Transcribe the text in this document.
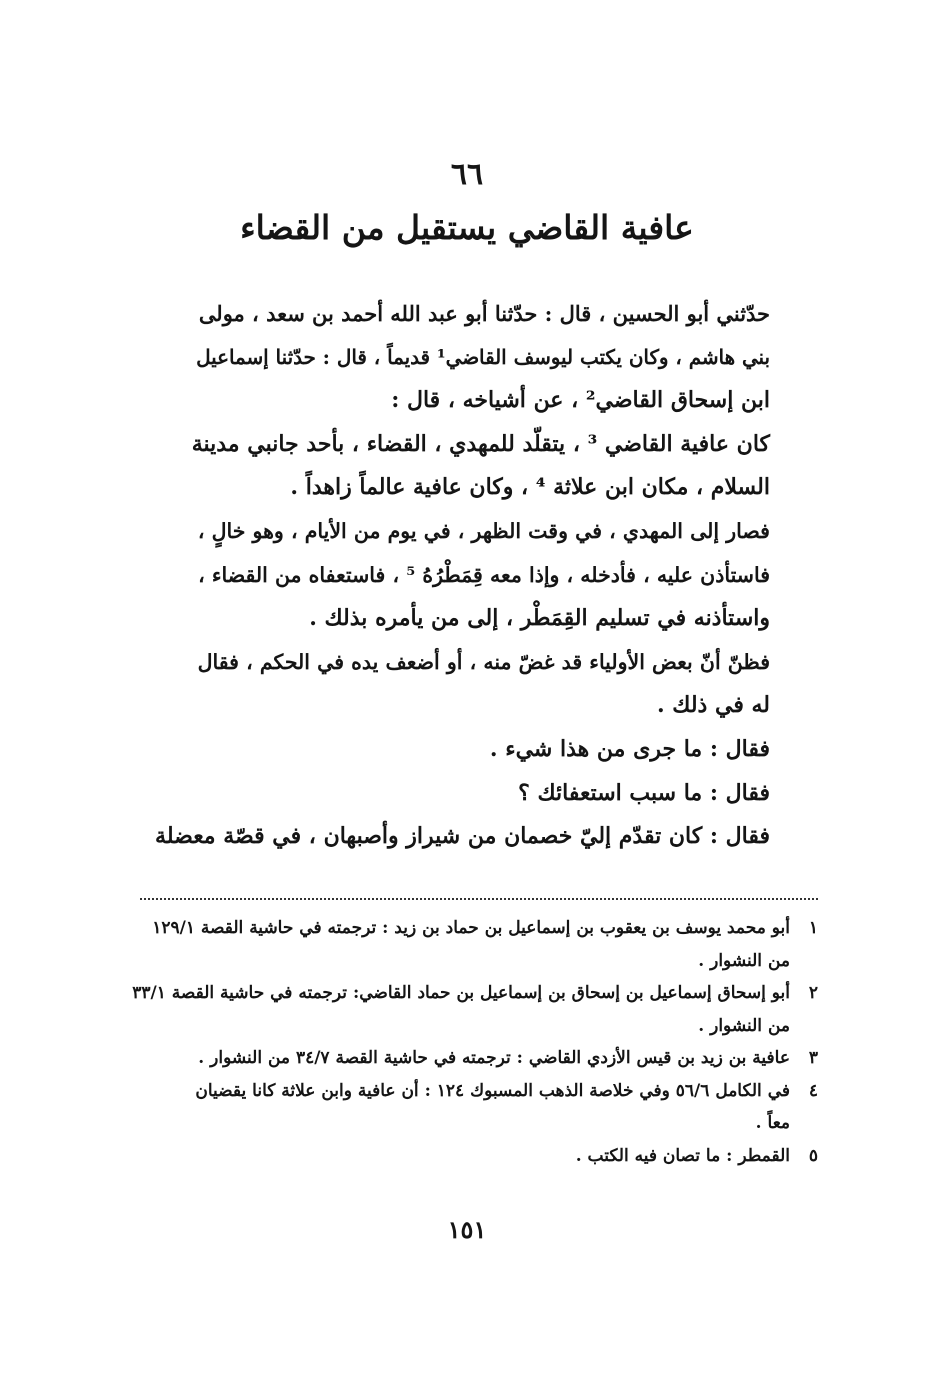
٦٦
عافية القاضي يستقيل من القضاء

حدّثني أبو الحسين ، قال : حدّثنا أبو عبد الله أحمد بن سعد ، مولى
بني هاشم ، وكان يكتب ليوسف القاضي¹ قديماً ، قال : حدّثنا إسماعيل
ابن إسحاق القاضي² ، عن أشياخه ، قال :

كان عافية القاضي ³ ، يتقلّد للمهدي ، القضاء ، بأحد جانبي مدينة
السلام ، مكان ابن علاثة ⁴ ، وكان عافية عالماً زاهداً .

فصار إلى المهدي ، في وقت الظهر ، في يوم من الأيام ، وهو خالٍ ،
فاستأذن عليه ، فأدخله ، وإذا معه قِمَطْرُهُ ⁵ ، فاستعفاه من القضاء ،
واستأذنه في تسليم القِمَطْر ، إلى من يأمره بذلك .

فظنّ أنّ بعض الأولياء قد غضّ منه ، أو أضعف يده في الحكم ، فقال
له في ذلك .

فقال : ما جرى من هذا شيء .

فقال : ما سبب استعفائك ؟

فقال : كان تقدّم إليّ خصمان من شيراز وأصبهان ، في قصّة معضلة

١
أبو محمد يوسف بن يعقوب بن إسماعيل بن حماد بن زيد : ترجمته في حاشية القصة ١٢٩/١
من النشوار .
٢
أبو إسحاق إسماعيل بن إسحاق بن إسماعيل بن حماد القاضي: ترجمته في حاشية القصة ٣٣/١
من النشوار .
٣
عافية بن زيد بن قيس الأزدي القاضي : ترجمته في حاشية القصة ٣٤/٧ من النشوار .
٤
في الكامل ٥٦/٦ وفي خلاصة الذهب المسبوك ١٢٤ : أن عافية وابن علاثة كانا يقضيان
معاً .
٥
القمطر : ما تصان فيه الكتب .
١٥١
